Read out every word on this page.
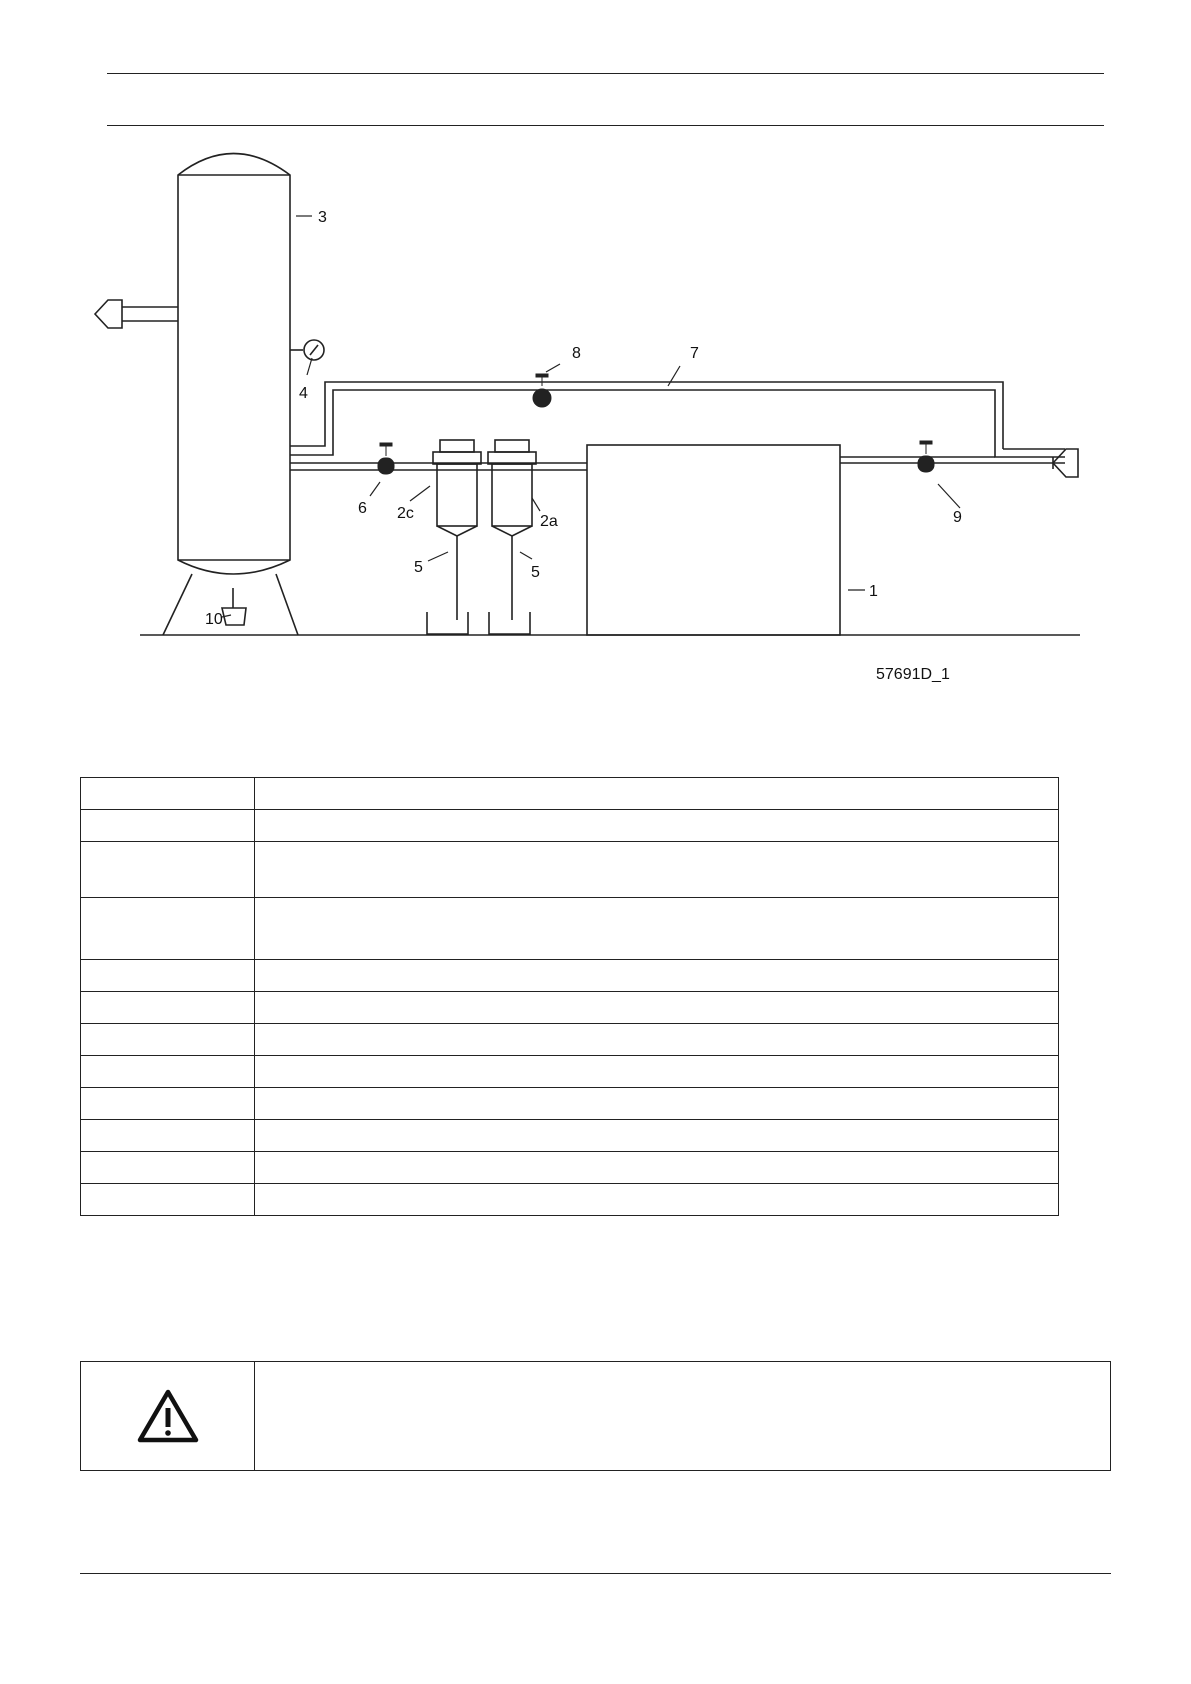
3
4
8	7
6 2c	2a
5	5
9
1
10
57691D_1
